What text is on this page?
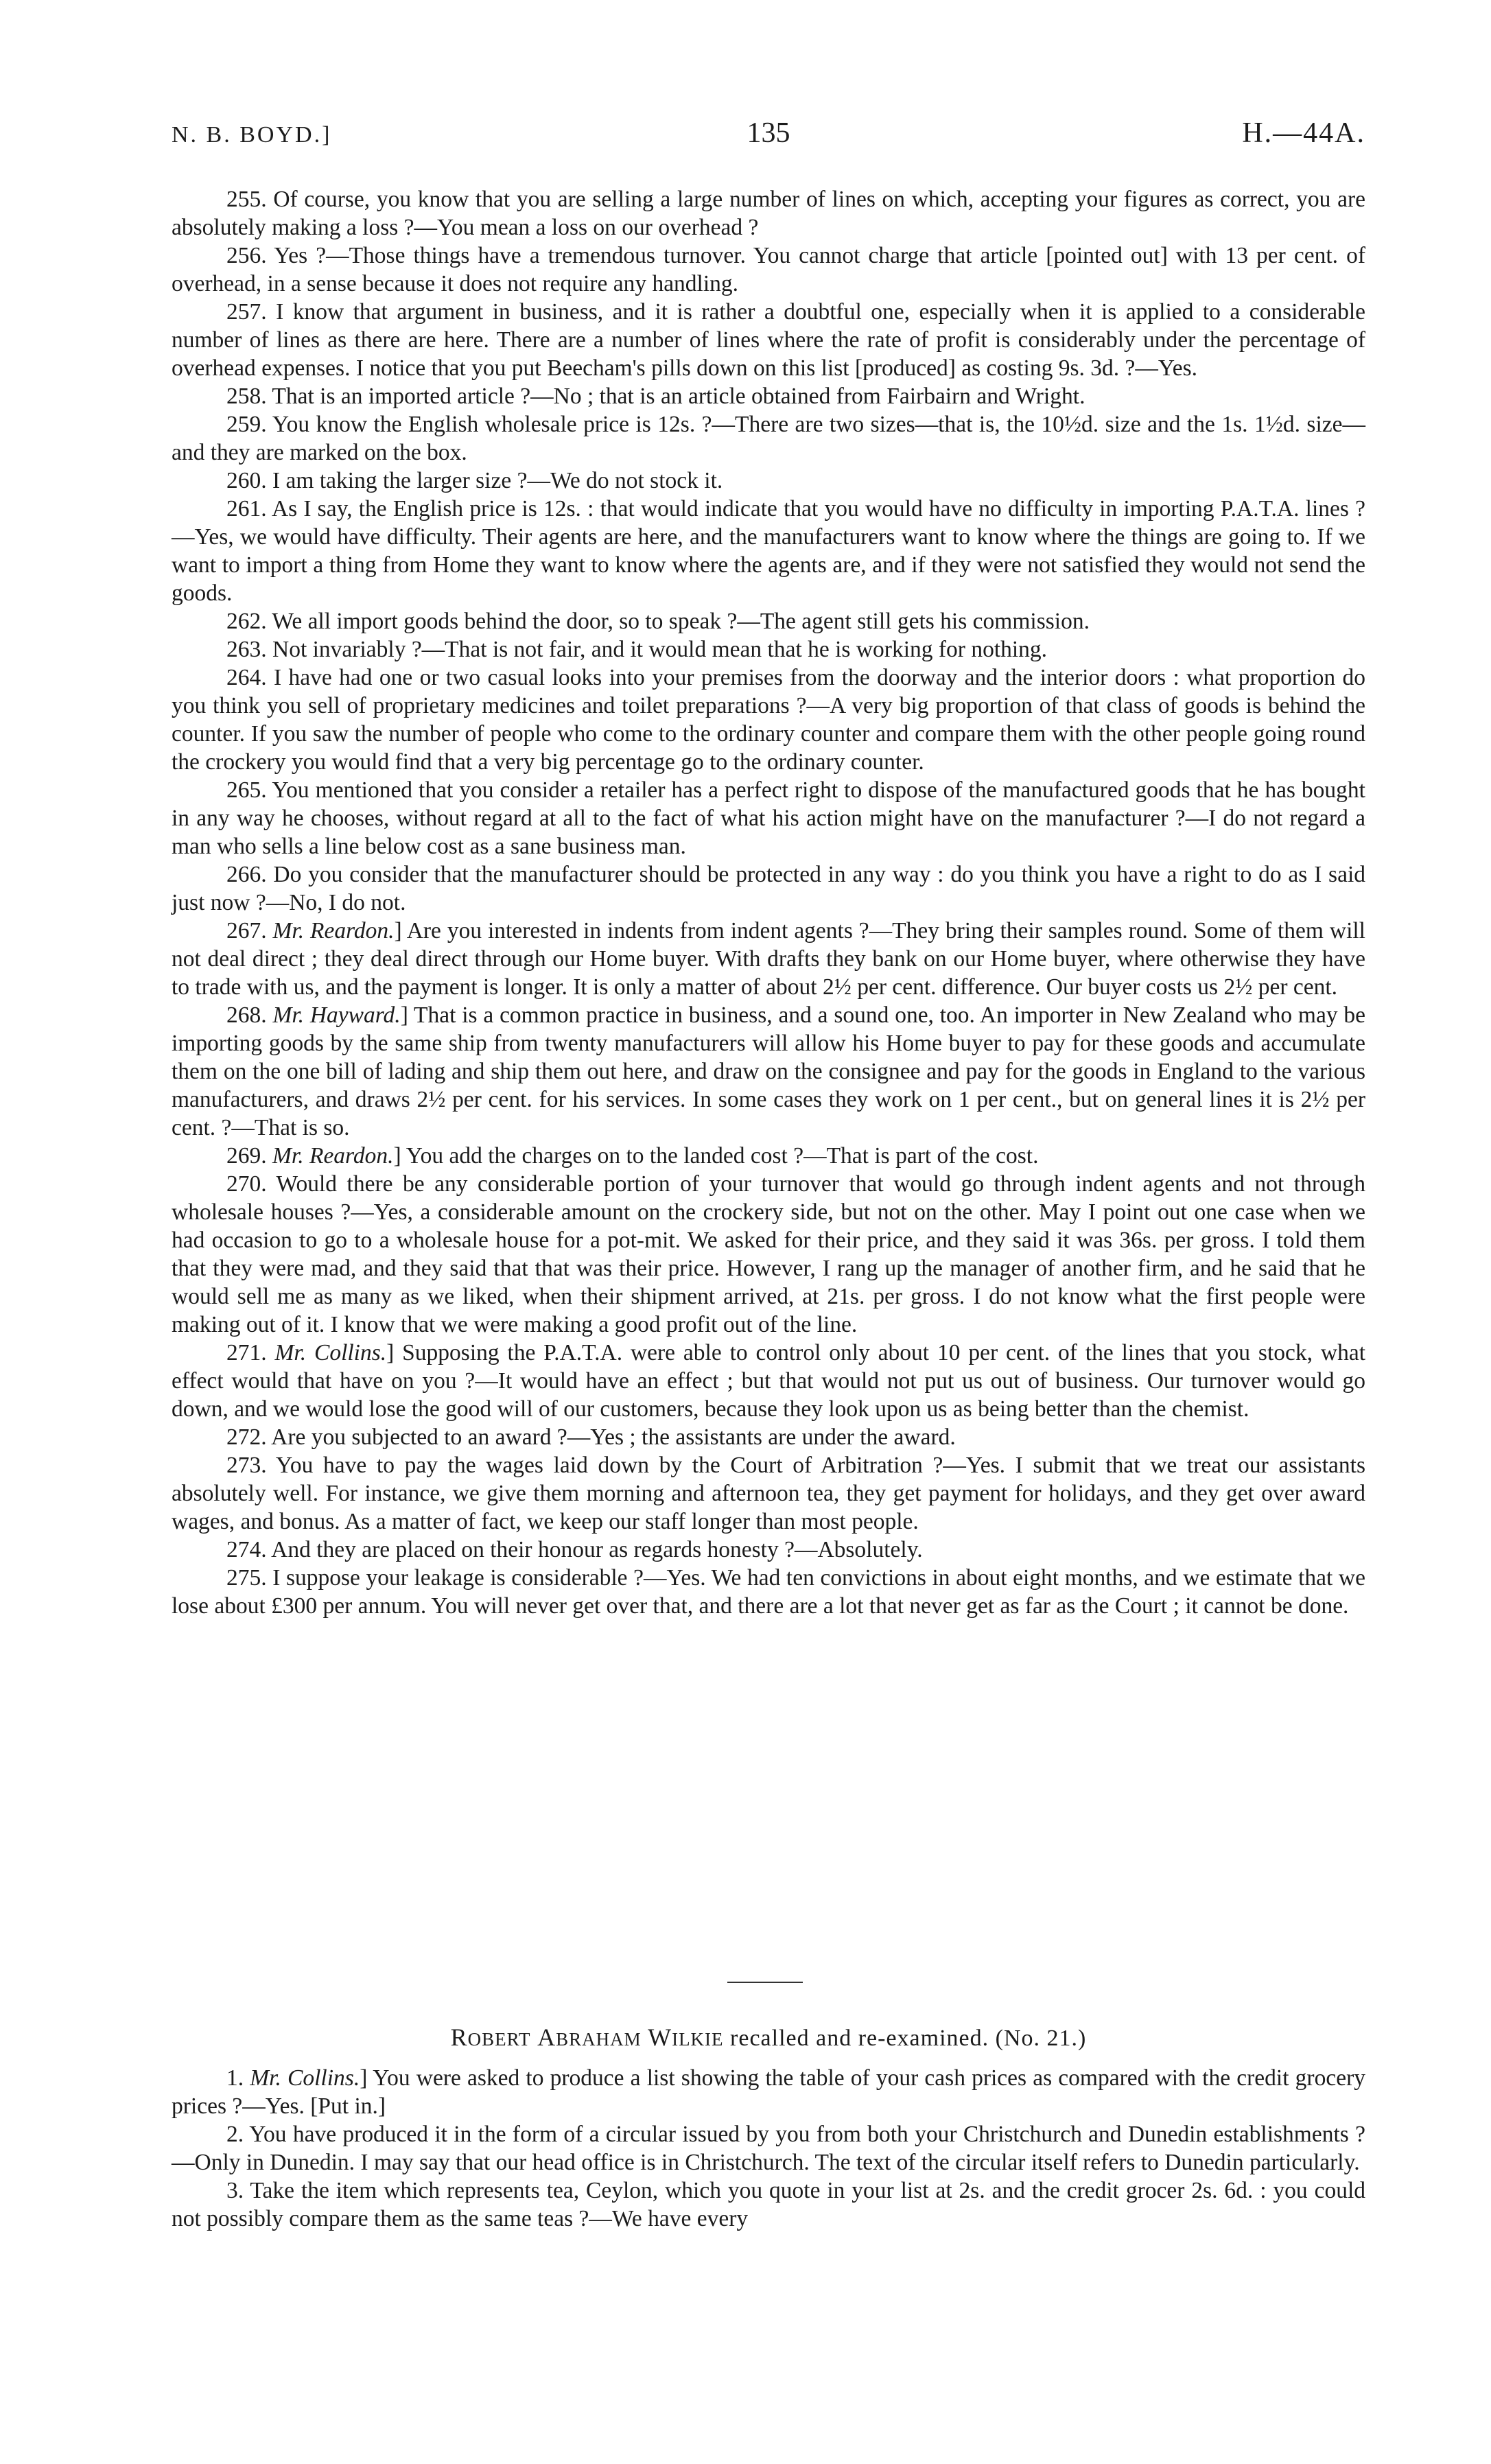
N. B. BOYD.]	135	H.—44A.

255. Of course, you know that you are selling a large number of lines on which, accepting your figures as correct, you are absolutely making a loss ?—You mean a loss on our overhead ?

256. Yes ?—Those things have a tremendous turnover. You cannot charge that article [pointed out] with 13 per cent. of overhead, in a sense because it does not require any handling.

257. I know that argument in business, and it is rather a doubtful one, especially when it is applied to a considerable number of lines as there are here. There are a number of lines where the rate of profit is considerably under the percentage of overhead expenses. I notice that you put Beecham's pills down on this list [produced] as costing 9s. 3d. ?—Yes.

258. That is an imported article ?—No ; that is an article obtained from Fairbairn and Wright.

259. You know the English wholesale price is 12s. ?—There are two sizes—that is, the 10½d. size and the 1s. 1½d. size—and they are marked on the box.

260. I am taking the larger size ?—We do not stock it.

261. As I say, the English price is 12s. : that would indicate that you would have no difficulty in importing P.A.T.A. lines ?—Yes, we would have difficulty. Their agents are here, and the manufacturers want to know where the things are going to. If we want to import a thing from Home they want to know where the agents are, and if they were not satisfied they would not send the goods.

262. We all import goods behind the door, so to speak ?—The agent still gets his commission.

263. Not invariably ?—That is not fair, and it would mean that he is working for nothing.

264. I have had one or two casual looks into your premises from the doorway and the interior doors : what proportion do you think you sell of proprietary medicines and toilet preparations ?—A very big proportion of that class of goods is behind the counter. If you saw the number of people who come to the ordinary counter and compare them with the other people going round the crockery you would find that a very big percentage go to the ordinary counter.

265. You mentioned that you consider a retailer has a perfect right to dispose of the manufactured goods that he has bought in any way he chooses, without regard at all to the fact of what his action might have on the manufacturer ?—I do not regard a man who sells a line below cost as a sane business man.

266. Do you consider that the manufacturer should be protected in any way : do you think you have a right to do as I said just now ?—No, I do not.

267. Mr. Reardon.] Are you interested in indents from indent agents ?—They bring their samples round. Some of them will not deal direct ; they deal direct through our Home buyer. With drafts they bank on our Home buyer, where otherwise they have to trade with us, and the payment is longer. It is only a matter of about 2½ per cent. difference. Our buyer costs us 2½ per cent.

268. Mr. Hayward.] That is a common practice in business, and a sound one, too. An importer in New Zealand who may be importing goods by the same ship from twenty manufacturers will allow his Home buyer to pay for these goods and accumulate them on the one bill of lading and ship them out here, and draw on the consignee and pay for the goods in England to the various manufacturers, and draws 2½ per cent. for his services. In some cases they work on 1 per cent., but on general lines it is 2½ per cent. ?—That is so.

269. Mr. Reardon.] You add the charges on to the landed cost ?—That is part of the cost.

270. Would there be any considerable portion of your turnover that would go through indent agents and not through wholesale houses ?—Yes, a considerable amount on the crockery side, but not on the other. May I point out one case when we had occasion to go to a wholesale house for a pot-mit. We asked for their price, and they said it was 36s. per gross. I told them that they were mad, and they said that that was their price. However, I rang up the manager of another firm, and he said that he would sell me as many as we liked, when their shipment arrived, at 21s. per gross. I do not know what the first people were making out of it. I know that we were making a good profit out of the line.

271. Mr. Collins.] Supposing the P.A.T.A. were able to control only about 10 per cent. of the lines that you stock, what effect would that have on you ?—It would have an effect ; but that would not put us out of business. Our turnover would go down, and we would lose the good will of our customers, because they look upon us as being better than the chemist.

272. Are you subjected to an award ?—Yes ; the assistants are under the award.

273. You have to pay the wages laid down by the Court of Arbitration ?—Yes. I submit that we treat our assistants absolutely well. For instance, we give them morning and afternoon tea, they get payment for holidays, and they get over award wages, and bonus. As a matter of fact, we keep our staff longer than most people.

274. And they are placed on their honour as regards honesty ?—Absolutely.

275. I suppose your leakage is considerable ?—Yes. We had ten convictions in about eight months, and we estimate that we lose about £300 per annum. You will never get over that, and there are a lot that never get as far as the Court ; it cannot be done.

ROBERT ABRAHAM WILKIE recalled and re-examined. (No. 21.)

1. Mr. Collins.] You were asked to produce a list showing the table of your cash prices as compared with the credit grocery prices ?—Yes. [Put in.]

2. You have produced it in the form of a circular issued by you from both your Christchurch and Dunedin establishments ?—Only in Dunedin. I may say that our head office is in Christchurch. The text of the circular itself refers to Dunedin particularly.

3. Take the item which represents tea, Ceylon, which you quote in your list at 2s. and the credit grocer 2s. 6d. : you could not possibly compare them as the same teas ?—We have every
